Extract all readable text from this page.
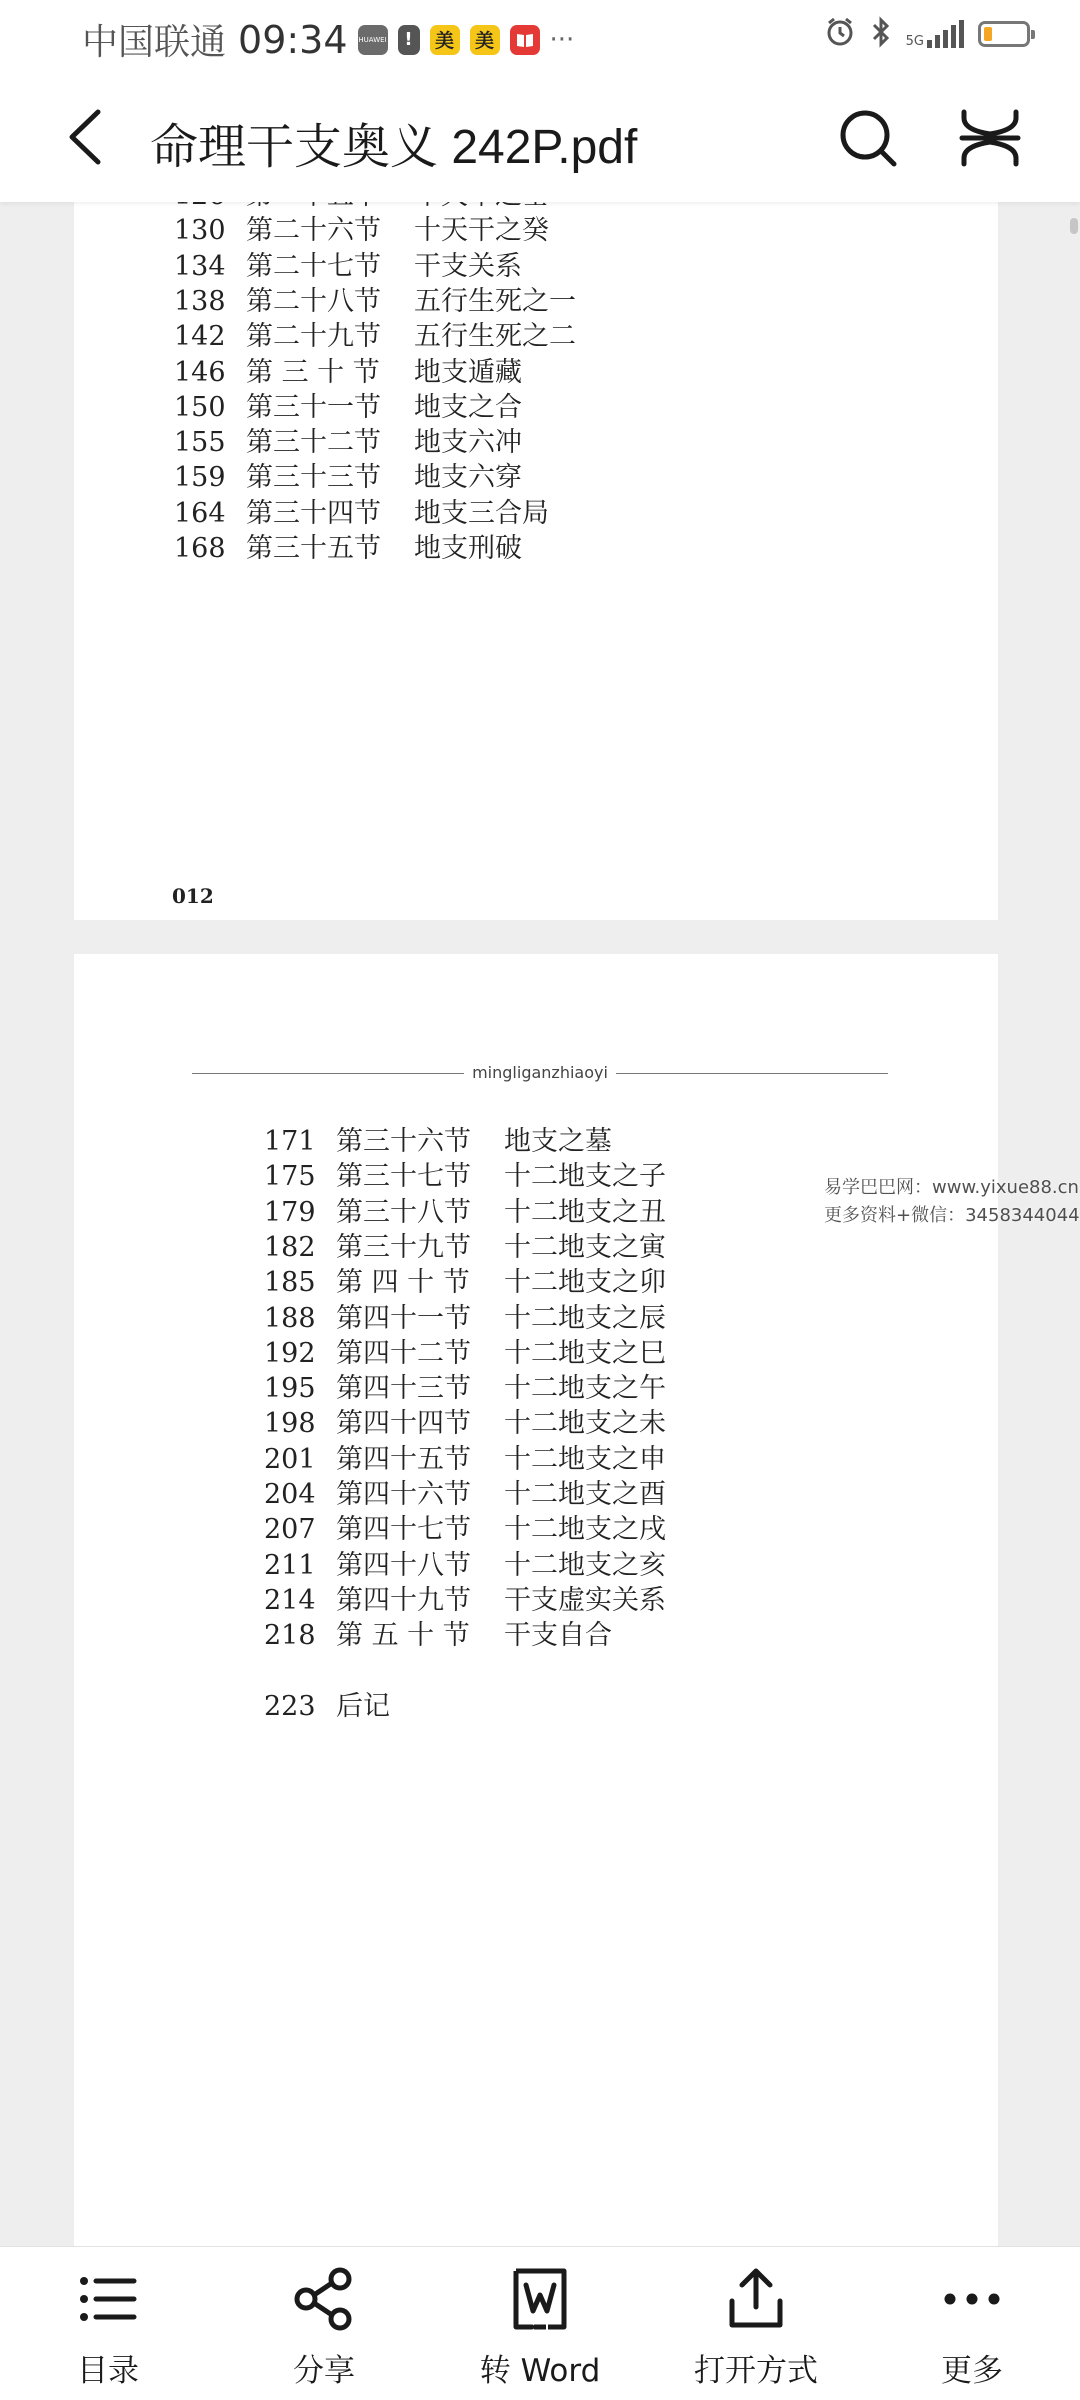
中国联通 09:34 HUAWEI !	美 美 ···	5G
命理干支奥义 242P.pdf
130 第二十六节 十天干之癸
134 第二十七节 干支关系
138 第二十八节 五行生死之一
142 第二十九节 五行生死之二
146 第 三 十 节 地支遁藏
150 第三十一节 地支之合
155 第三十二节 地支六冲
159 第三十三节 地支六穿
164 第三十四节 地支三合局
168 第三十五节 地支刑破
012
mingliganzhiaoyi
171 第三十六节 地支之墓
175 第三十七节 十二地支之子
179 第三十八节 十二地支之丑
182 第三十九节 十二地支之寅
185 第 四 十 节 十二地支之卯
188 第四十一节 十二地支之辰
192 第四十二节 十二地支之巳
195 第四十三节 十二地支之午
198 第四十四节 十二地支之未
201 第四十五节 十二地支之申
204 第四十六节 十二地支之酉
207 第四十七节 十二地支之戌
211 第四十八节 十二地支之亥
214 第四十九节 干支虚实关系
218 第 五 十 节 干支自合
223 后记
易学巴巴网：www.yixue88.cn
更多资料+微信：3458344044
目录	分享	转 Word	打开方式	更多
